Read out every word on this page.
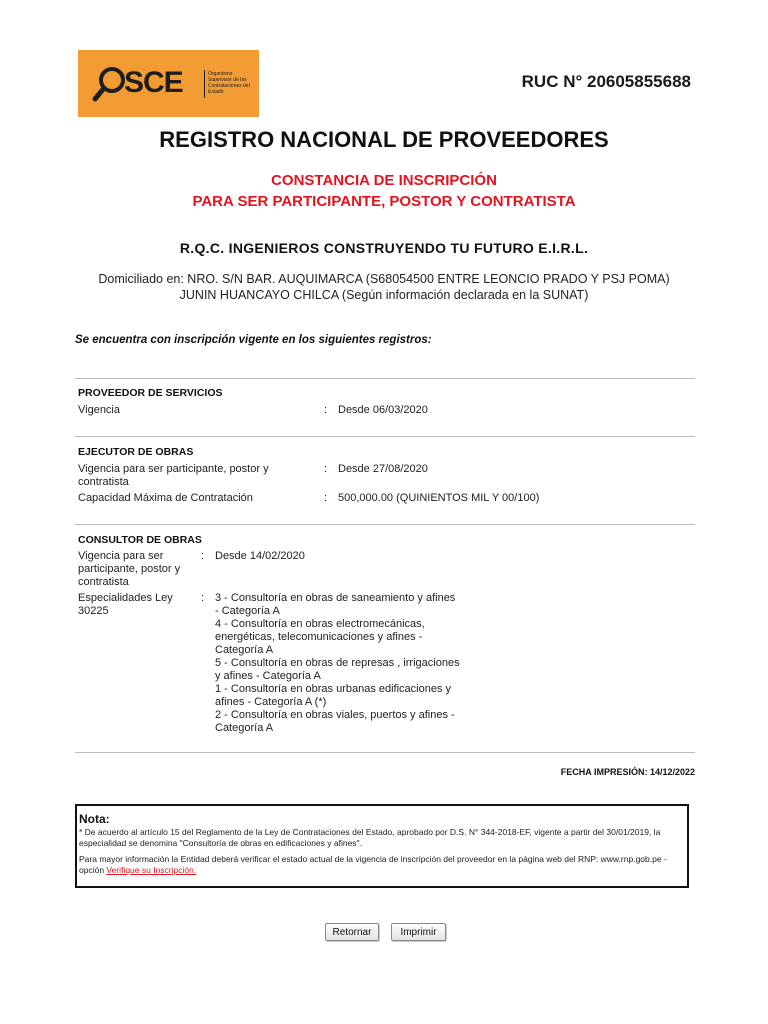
SCE	Organismo Supervisor de las Contrataciones del Estado
RUC N° 20605855688
REGISTRO NACIONAL DE PROVEEDORES
CONSTANCIA DE INSCRIPCIÓN
PARA SER PARTICIPANTE, POSTOR Y CONTRATISTA
R.Q.C. INGENIEROS CONSTRUYENDO TU FUTURO E.I.R.L.
Domiciliado en: NRO. S/N BAR. AUQUIMARCA (S68054500 ENTRE LEONCIO PRADO Y PSJ POMA) JUNIN HUANCAYO CHILCA (Según información declarada en la SUNAT)
Se encuentra con inscripción vigente en los siguientes registros:
PROVEEDOR DE SERVICIOS
Vigencia	: Desde 06/03/2020
EJECUTOR DE OBRAS
Vigencia para ser participante, postor y contratista
: Desde 27/08/2020
Capacidad Máxima de Contratación	: 500,000.00 (QUINIENTOS MIL Y 00/100)
CONSULTOR DE OBRAS
Vigencia para ser participante, postor y contratista
: Desde 14/02/2020
Especialidades Ley 30225
: 3 - Consultoría en obras de saneamiento y afines - Categoría A
4 - Consultoría en obras electromecánicas, energéticas, telecomunicaciones y afines - Categoría A
5 - Consultoría en obras de represas , irrigaciones y afines - Categoría A
1 - Consultoría en obras urbanas edificaciones y afines - Categoría A (*)
2 - Consultoría en obras viales, puertos y afines - Categoría A
FECHA IMPRESIÓN: 14/12/2022
Nota:

* De acuerdo al artículo 15 del Reglamento de la Ley de Contrataciones del Estado, aprobado por D.S. N° 344-2018-EF, vigente a partir del 30/01/2019, la especialidad se denomina "Consultoría de obras en edificaciones y afines".

Para mayor información la Entidad deberá verificar el estado actual de la vigencia de inscripción del proveedor en la página web del RNP: www.rnp.gob.pe - opción Verifique su Inscripción.

Retornar	Imprimir
